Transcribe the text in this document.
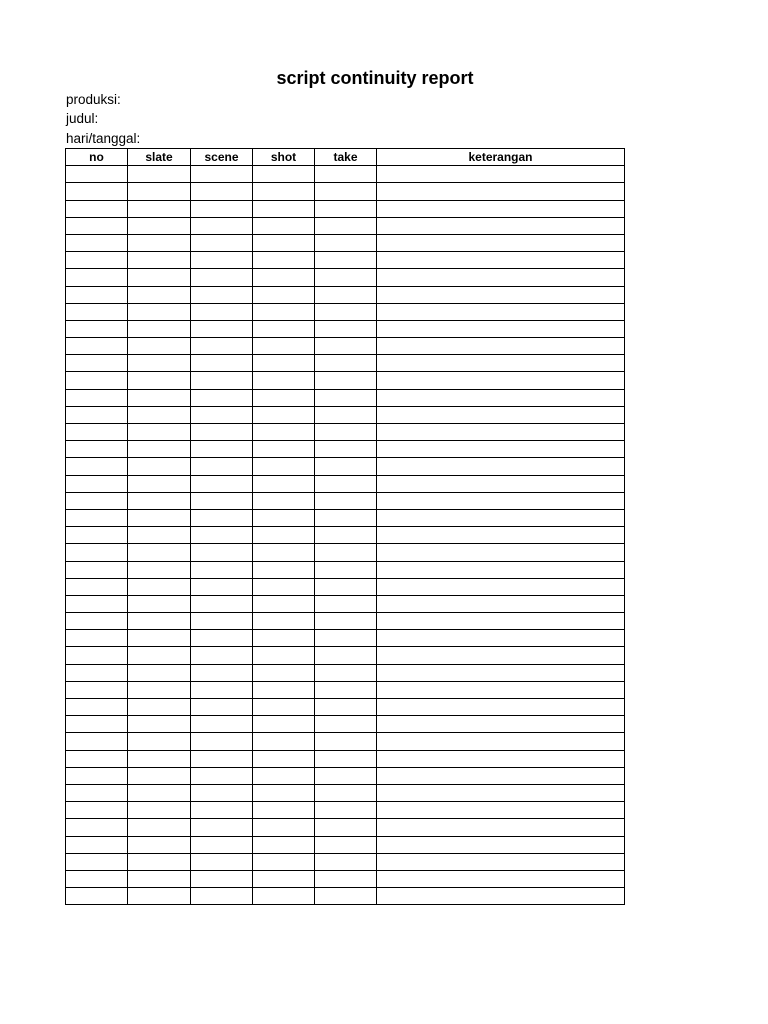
script continuity report
produksi:
judul:
hari/tanggal:
no	slate	scene	shot	take	keterangan
